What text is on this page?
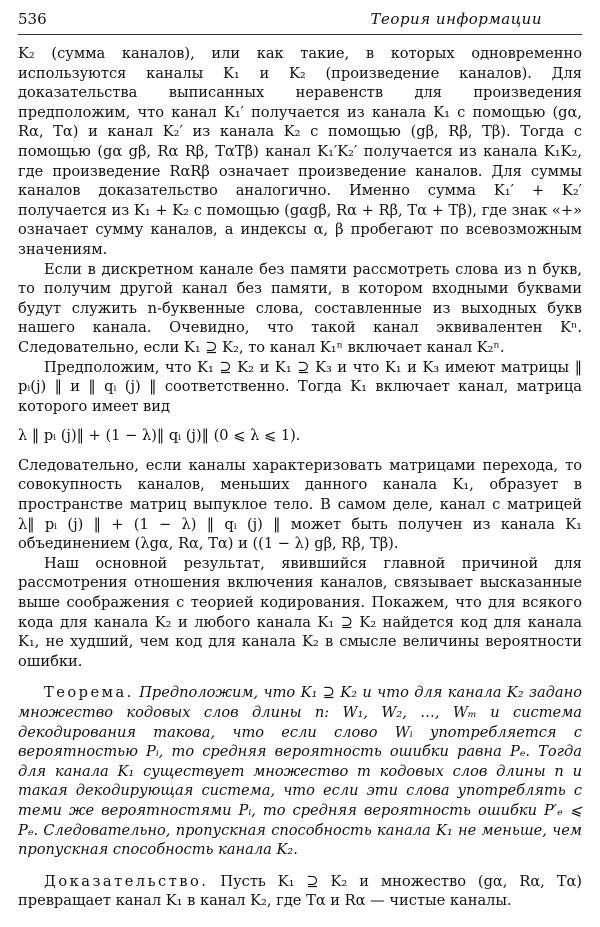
536	Теория информации

K₂ (сумма каналов), или как такие, в которых одновременно используются каналы K₁ и K₂ (произведение каналов). Для доказательства выписанных неравенств для произведения предположим, что канал K₁′ получается из канала K₁ с помощью (gα, Rα, Tα) и канал K₂′ из канала K₂ с помощью (gβ, Rβ, Tβ). Тогда с помощью (gα gβ, Rα Rβ, TαTβ) канал K₁′K₂′ получается из канала K₁K₂, где произведение RαRβ означает произведение каналов. Для суммы каналов доказательство аналогично. Именно сумма K₁′ + K₂′ получается из K₁ + K₂ с помощью (gαgβ, Rα + Rβ, Tα + Tβ), где знак «+» означает сумму каналов, а индексы α, β пробегают по всевозможным значениям.

Если в дискретном канале без памяти рассмотреть слова из n букв, то получим другой канал без памяти, в котором входными буквами будут служить n-буквенные слова, составленные из выходных букв нашего канала. Очевидно, что такой канал эквивалентен Kⁿ. Следовательно, если K₁ ⊇ K₂, то канал K₁ⁿ включает канал K₂ⁿ.

Предположим, что K₁ ⊇ K₂ и K₁ ⊇ K₃ и что K₁ и K₃ имеют матрицы ‖ pᵢ(j) ‖ и ‖ qᵢ (j) ‖ соответственно. Тогда K₁ включает канал, матрица которого имеет вид

λ ‖ pᵢ (j)‖ + (1 − λ)‖ qᵢ (j)‖ (0 ⩽ λ ⩽ 1).

Следовательно, если каналы характеризовать матрицами перехода, то совокупность каналов, меньших данного канала K₁, образует в пространстве матриц выпуклое тело. В самом деле, канал с матрицей λ‖ pᵢ (j) ‖ + (1 − λ) ‖ qᵢ (j) ‖ может быть получен из канала K₁ объединением (λgα, Rα, Tα) и ((1 − λ) gβ, Rβ, Tβ).

Наш основной результат, явившийся главной причиной для рассмотрения отношения включения каналов, связывает высказанные выше соображения с теорией кодирования. Покажем, что для всякого кода для канала K₂ и любого канала K₁ ⊇ K₂ найдется код для канала K₁, не худший, чем код для канала K₂ в смысле величины вероятности ошибки.

Теорема. Предположим, что K₁ ⊇ K₂ и что для канала K₂ задано множество кодовых слов длины n: W₁, W₂, …, Wₘ и система декодирования такова, что если слово Wᵢ употребляется с вероятностью Pᵢ, то средняя вероятность ошибки равна Pₑ. Тогда для канала K₁ существует множество m кодовых слов длины n и такая декодирующая система, что если эти слова употреблять с теми же вероятностями Pᵢ, то средняя вероятность ошибки P′ₑ ⩽ Pₑ. Следовательно, пропускная способность канала K₁ не меньше, чем пропускная способность канала K₂.

Доказательство. Пусть K₁ ⊇ K₂ и множество (gα, Rα, Tα) превращает канал K₁ в канал K₂, где Tα и Rα — чистые каналы.
